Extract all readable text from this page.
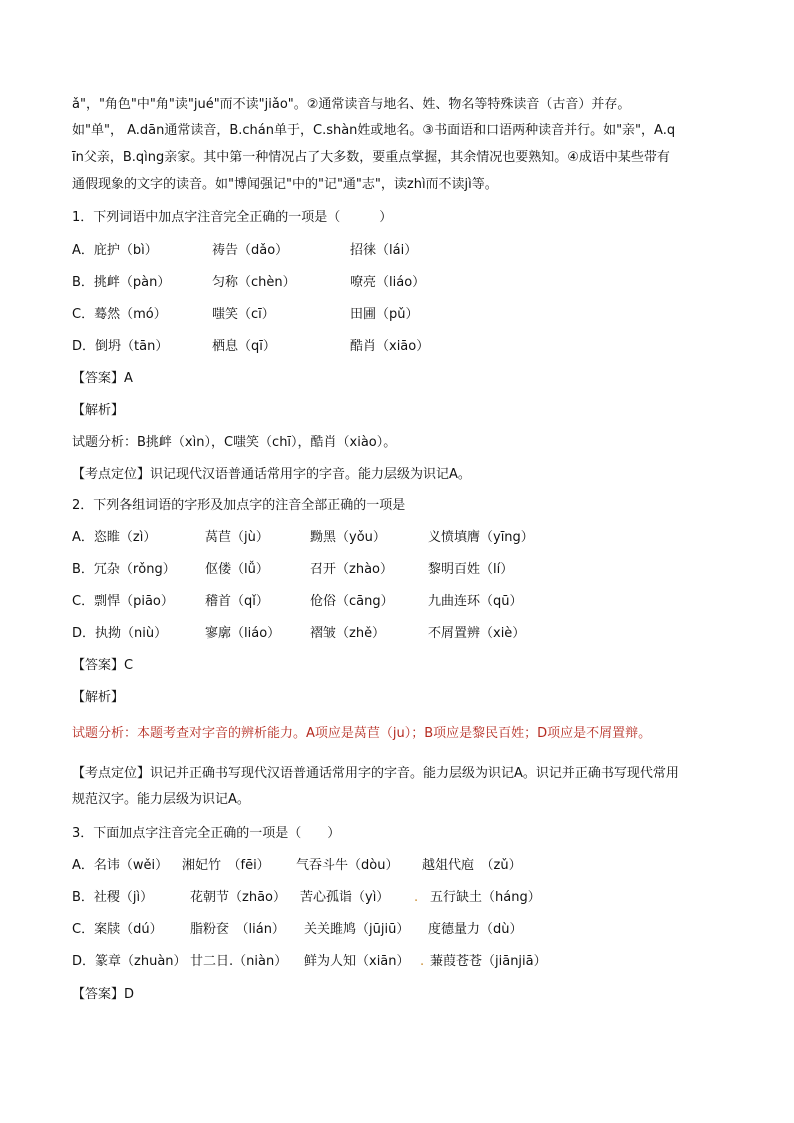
ǎ"，"角色"中"角"读"jué"而不读"jiǎo"。②通常读音与地名、姓、物名等特殊读音（古音）并存。
如"单"， A.dān通常读音，B.chán单于，C.shàn姓或地名。③书面语和口语两种读音并行。如"亲"，A.q
īn父亲，B.qìng亲家。其中第一种情况占了大多数，要重点掌握，其余情况也要熟知。④成语中某些带有
通假现象的文字的读音。如"博闻强记"中的"记"通"志"，读zhì而不读jì等。
1．下列词语中加点字注音完全正确的一项是（　　　）
A．庇护（bì）	祷告（dǎo）	招徕（lái）
B．挑衅（pàn）	匀称（chèn）	嘹亮（liáo）
C．蓦然（mó）	嗤笑（cī）	田圃（pǔ）
D．倒坍（tān）	栖息（qī）	酷肖（xiāo）
【答案】A
【解析】
试题分析：B挑衅（xìn），C嗤笑（chī），酷肖（xiào）。
【考点定位】识记现代汉语普通话常用字的字音。能力层级为识记A。
2．下列各组词语的字形及加点字的注音全部正确的一项是
A．恣睢（zì）	莴苣（jù）	黝黑（yǒu）	义愤填膺（yīng）
B．冗杂（rǒng） 伛偻（lǚ）	召开（zhào）	黎明百姓（lí）
C．剽悍（piāo） 稽首（qǐ）	伧俗（cāng）	九曲连环（qū）
D．执拗（niù）	寥廓（liáo） 褶皱（zhě）	不屑置辨（xiè）
【答案】C
【解析】
试题分析：本题考查对字音的辨析能力。A项应是莴苣（ju）；B项应是黎民百姓；D项应是不屑置辩。
【考点定位】识记并正确书写现代汉语普通话常用字的字音。能力层级为识记A。识记并正确书写现代常用
规范汉字。能力层级为识记A。
3．下面加点字注音完全正确的一项是（　　）
A．名讳（wěi） 湘妃竹　（fēi） 气吞斗牛（dòu） 越俎代庖　（zǔ）
B．社稷（jì）	花朝节（zhāo） 苦心孤诣（yì） . 五行缺土（háng）
C．案牍（dú） 脂粉奁　（lián） 关关雎鸠（jūjiū） 度德量力（dù）
D．篆章（zhuàn） 廿二日.（niàn） 鲜为人知（xiān） . 蒹葭苍苍（jiānjiā）
【答案】D
